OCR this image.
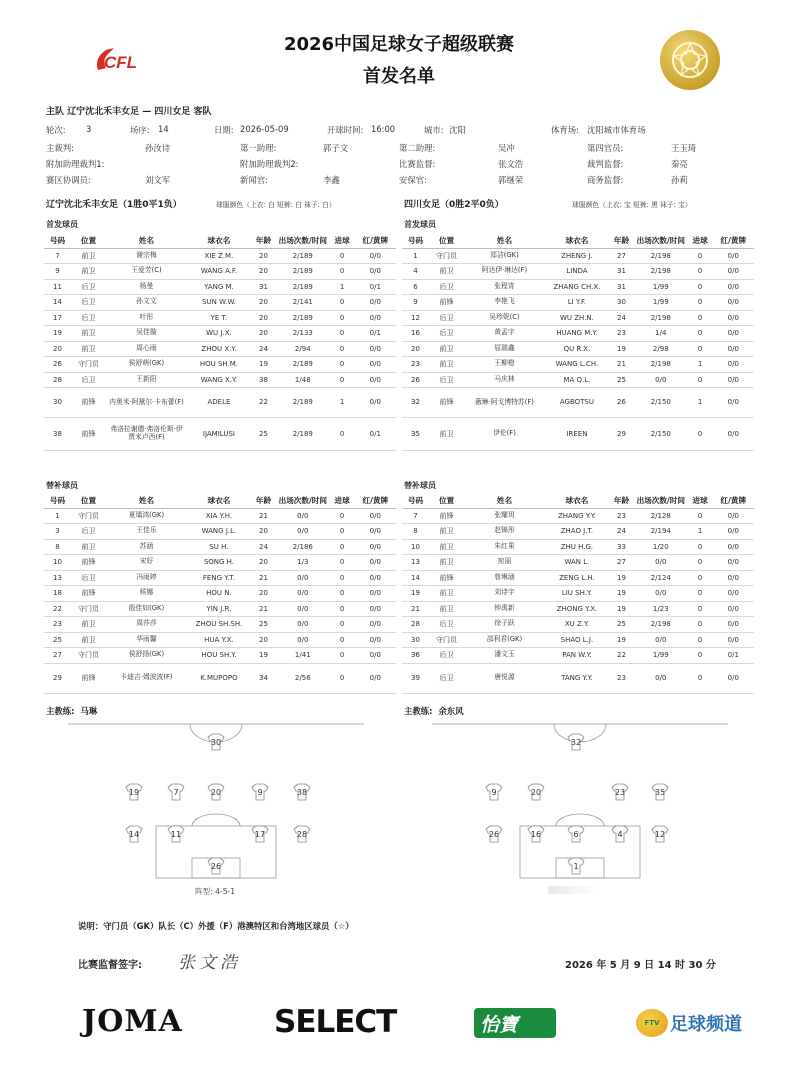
CFL
2026中国足球女子超级联赛
首发名单
主队 辽宁沈北禾丰女足 — 四川女足 客队
轮次: 3	场序: 14	日期: 2026-05-09	开球时间: 16:00	城市: 沈阳	体育场: 沈阳城市体育场
主裁判:	孙汝诗	第一助理:	郭子文	第二助理:	吴冲	第四官员:	王玉琦
附加助理裁判1:	附加助理裁判2:	比赛监督:	张文浩	裁判监督:	秦亮
赛区协调员:	刘文军	新闻官:	李鑫	安保官:	郭继荣	商务监督:	孙莉
辽宁沈北禾丰女足（1胜0平1负）	球服颜色（上衣: 白 短裤: 白 袜子: 白）	四川女足（0胜2平0负）	球服颜色（上衣: 宝 短裤: 黑 袜子: 宝）
首发球员	首发球员
号码	位置	姓名	球衣名	年龄	出场次数/时间	进球	红/黄牌
7	前卫	谢宗梅	XIE Z.M.	20	2/189	0	0/0
9	前卫	王爱芳(C)	WANG A.F.	20	2/189	0	0/0
11	后卫	杨曼	YANG M.	31	2/189	1	0/1
14	后卫	孙文文	SUN W.W.	20	2/141	0	0/0
17	后卫	叶彤	YE T.	20	2/189	0	0/0
19	前卫	吴佳璇	WU J.X.	20	2/133	0	0/1
20	前卫	周心雨	ZHOU X.Y.	24	2/94	0	0/0
26	守门员	侯舒萌(GK)	HOU SH.M.	19	2/189	0	0/0
28	后卫	王新阳	WANG X.Y.	38	1/48	0	0/0
30	前锋	内奥米·阿黛尔·卡布蕾(F)	ADELE	22	2/189	1	0/0
38	前锋	弗洛拉谢德·弗洛伦斯·伊贾米卢西(F)	IJAMILUSI	25	2/189	0	0/1
号码	位置	姓名	球衣名	年龄	出场次数/时间	进球	红/黄牌
1	守门员	郑洁(GK)	ZHENG J.	27	2/198	0	0/0
4	前卫	阿达伊·琳达(F)	LINDA	31	2/198	0	0/0
6	后卫	张程宵	ZHANG CH.X.	31	1/99	0	0/0
9	前锋	李艳飞	LI Y.F.	30	1/99	0	0/0
12	后卫	吴珍妮(C)	WU ZH.N.	24	2/198	0	0/0
16	后卫	黄孟宇	HUANG M.Y.	23	1/4	0	0/0
20	前卫	屈瑞鑫	QU R.X.	19	2/98	0	0/0
23	前卫	王柳橙	WANG L.CH.	21	2/198	1	0/0
26	后卫	马庆林	MA Q.L.	25	0/0	0	0/0
32	前锋	薇琳·阿戈博特苏(F)	AGBOTSU	26	2/150	1	0/0
35	前卫	伊伦(F)	IREEN	29	2/150	0	0/0
替补球员	替补球员
号码	位置	姓名	球衣名	年龄	出场次数/时间	进球	红/黄牌
1	守门员	夏瑀鸿(GK)	XIA Y.H.	21	0/0	0	0/0
3	后卫	王佳乐	WANG J.L.	20	0/0	0	0/0
8	前卫	苏涵	SU H.	24	2/186	0	0/0
10	前锋	宋好	SONG H.	20	1/3	0	0/0
13	后卫	冯雨婷	FENG Y.T.	21	0/0	0	0/0
18	前锋	候娜	HOU N.	20	0/0	0	0/0
22	守门员	殷佳如(GK)	YIN J.R.	21	0/0	0	0/0
23	前卫	周莎莎	ZHOU SH.SH.	25	0/0	0	0/0
25	前卫	华雨馨	HUA Y.X.	20	0/0	0	0/0
27	守门员	侯舒扬(GK)	HOU SH.Y.	19	1/41	0	0/0
29	前锋	卡迪吉·姆波波(F)	K.MUPOPO	34	2/56	0	0/0
号码	位置	姓名	球衣名	年龄	出场次数/时间	进球	红/黄牌
7	前锋	张耀玥	ZHANG Y.Y.	23	2/128	0	0/0
8	前卫	赵锦彤	ZHAO J.T.	24	2/194	1	0/0
10	前卫	朱红果	ZHU H.G.	33	1/20	0	0/0
13	前卫	宛丽	WAN L.	27	0/0	0	0/0
14	前锋	曾琳涵	ZENG L.H.	19	2/124	0	0/0
19	前卫	刘诗宇	LIU SH.Y.	19	0/0	0	0/0
21	前卫	钟禹新	ZHONG Y.X.	19	1/23	0	0/0
28	后卫	徐子跃	XU Z.Y.	25	2/198	0	0/0
30	守门员	邵利君(GK)	SHAO L.J.	19	0/0	0	0/0
36	后卫	潘文玉	PAN W.Y.	22	1/99	0	0/1
39	后卫	唐悦源	TANG Y.Y.	23	0/0	0	0/0
主教练: 马琳	主教练: 余东风
30
19	7	20	9	38
14	11	17	28
26
32
9	20	23	35
26	16	6	4	12
1
阵型: 4-5-1
说明：守门员（GK）队长（C）外援（F）港澳特区和台湾地区球员（☆）
比赛监督签字: 张文浩	2026 年 5 月 9 日 14 时 30 分
JOMA	SELECT	怡寶	FTV 足球频道
